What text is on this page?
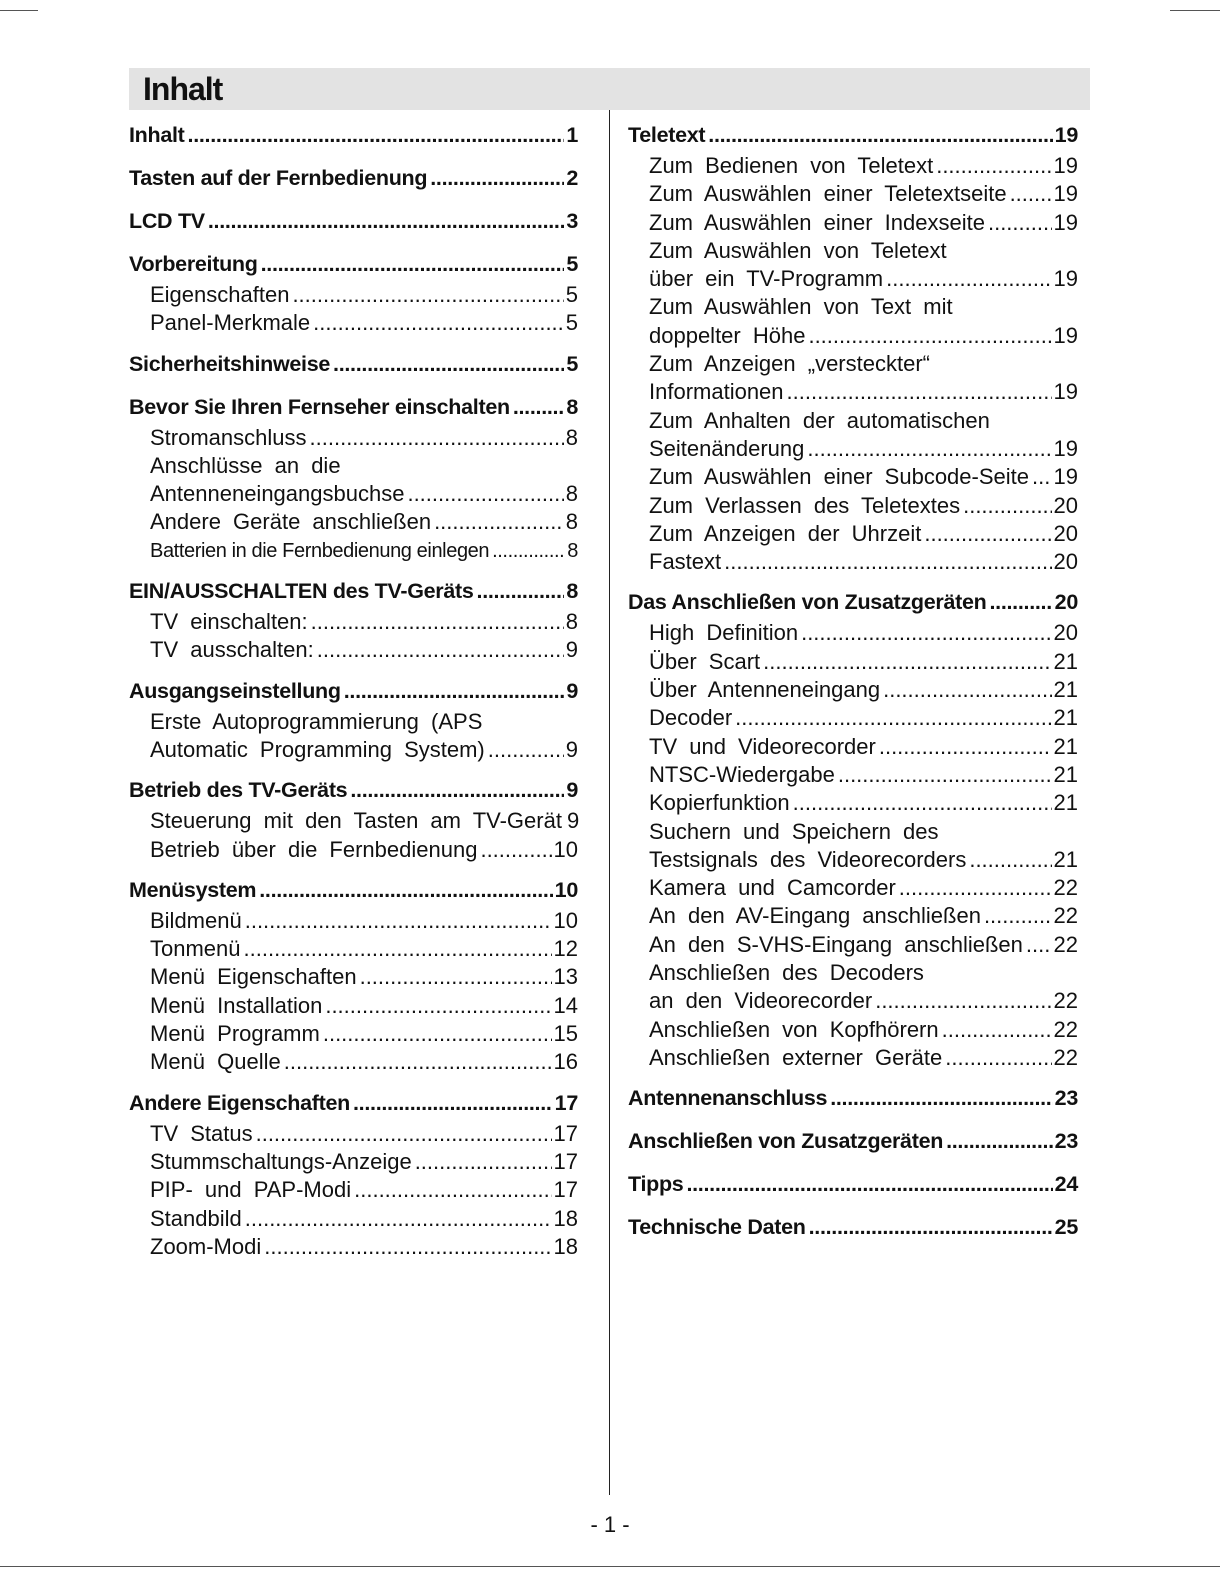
Inhalt
Inhalt .....	1
Tasten auf der Fernbedienung .....	2
LCD TV .....	3
Vorbereitung .....	5
Eigenschaften .....	5
Panel-Merkmale .....	5
Sicherheitshinweise .....	5
Bevor Sie Ihren Fernseher einschalten .....	8
Stromanschluss .....	8
Anschlüsse an die
Antenneneingangsbuchse .....	8
Andere Geräte anschließen .....	8
Batterien in die Fernbedienung einlegen .....	8
EIN/AUSSCHALTEN des TV-Geräts .....	8
TV einschalten: .....	8
TV ausschalten: .....	9
Ausgangseinstellung .....	9
Erste Autoprogrammierung (APS
Automatic Programming System) .....	9
Betrieb des TV-Geräts .....	9
Steuerung mit den Tasten am TV-Gerät 9
Betrieb über die Fernbedienung .....	10
Menüsystem .....	10
Bildmenü .....	10
Tonmenü .....	12
Menü Eigenschaften .....	13
Menü Installation .....	14
Menü Programm .....	15
Menü Quelle .....	16
Andere Eigenschaften .....	17
TV Status .....	17
Stummschaltungs-Anzeige .....	17
PIP- und PAP-Modi .....	17
Standbild .....	18
Zoom-Modi .....	18
Teletext .....	19
Zum Bedienen von Teletext .....	19
Zum Auswählen einer Teletextseite ..... 19
Zum Auswählen einer Indexseite .....	19
Zum Auswählen von Teletext
über ein TV-Programm .....	19
Zum Auswählen von Text mit
doppelter Höhe .....	19
Zum Anzeigen „versteckter“
Informationen .....	19
Zum Anhalten der automatischen
Seitenänderung .....	19
Zum Auswählen einer Subcode-Seite ..... 19
Zum Verlassen des Teletextes .....	20
Zum Anzeigen der Uhrzeit .....	20
Fastext .....	20
Das Anschließen von Zusatzgeräten .....	20
High Definition .....	20
Über Scart .....	21
Über Antenneneingang .....	21
Decoder .....	21
TV und Videorecorder .....	21
NTSC-Wiedergabe .....	21
Kopierfunktion .....	21
Suchern und Speichern des
Testsignals des Videorecorders .....	21
Kamera und Camcorder .....	22
An den AV-Eingang anschließen .....	22
An den S-VHS-Eingang anschließen ..... 22
Anschließen des Decoders
an den Videorecorder .....	22
Anschließen von Kopfhörern .....	22
Anschließen externer Geräte .....	22
Antennenanschluss .....	23
Anschließen von Zusatzgeräten .....	23
Tipps .....	24
Technische Daten .....	25
- 1 -
